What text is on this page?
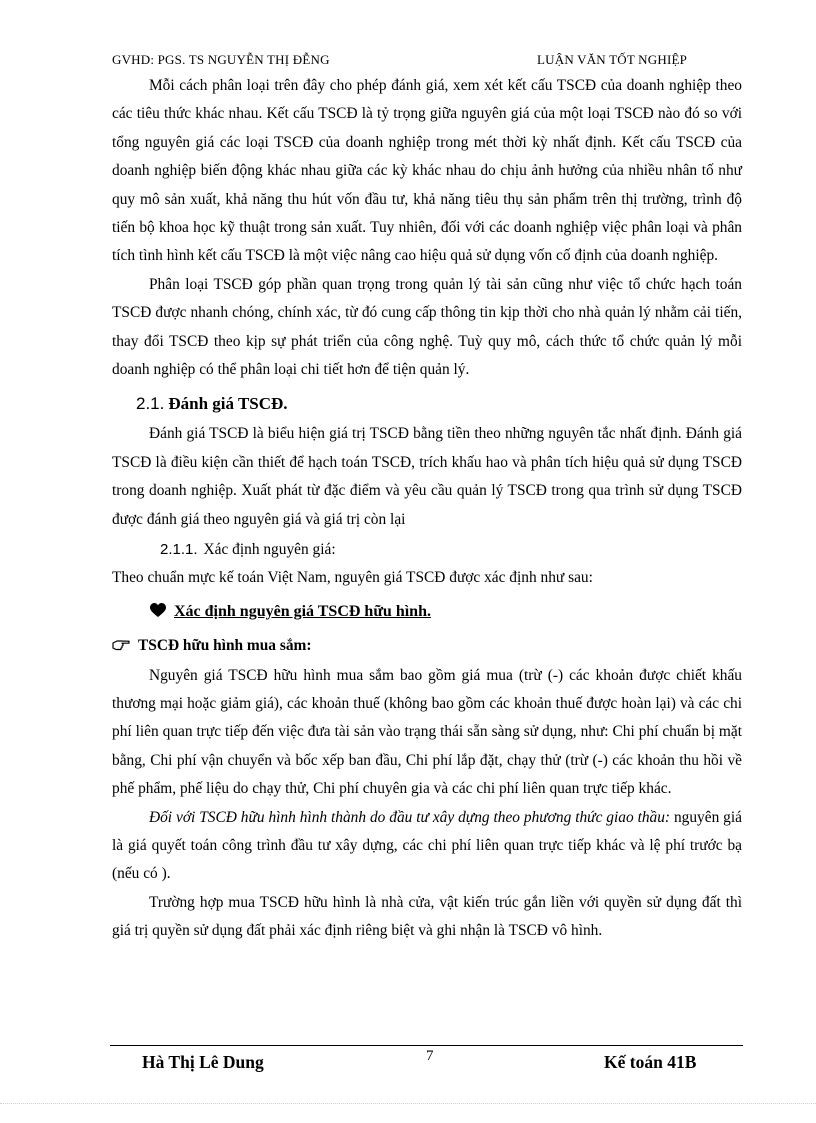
GVHD: PGS. TS NGUYỄN THỊ ĐỄNG	LUẬN VĂN TỐT NGHIỆP

Mỗi cách phân loại trên đây cho phép đánh giá, xem xét kết cấu TSCĐ của doanh nghiệp theo các tiêu thức khác nhau. Kết cấu TSCĐ là tỷ trọng giữa nguyên giá của một loại TSCĐ nào đó so với tổng nguyên giá các loại TSCĐ của doanh nghiệp trong mét thời kỳ nhất định. Kết cấu TSCĐ của doanh nghiệp biến động khác nhau giữa các kỳ khác nhau do chịu ảnh hưởng của nhiều nhân tố như quy mô sản xuất, khả năng thu hút vốn đầu tư, khả năng tiêu thụ sản phẩm trên thị trường, trình độ tiến bộ khoa học kỹ thuật trong sản xuất. Tuy nhiên, đối với các doanh nghiệp việc phân loại và phân tích tình hình kết cấu TSCĐ là một việc nâng cao hiệu quả sử dụng vốn cố định của doanh nghiệp.

Phân loại TSCĐ góp phần quan trọng trong quản lý tài sản cũng như việc tổ chức hạch toán TSCĐ được nhanh chóng, chính xác, từ đó cung cấp thông tin kịp thời cho nhà quản lý nhằm cải tiến, thay đổi TSCĐ theo kịp sự phát triển của công nghệ. Tuỳ quy mô, cách thức tổ chức quản lý mỗi doanh nghiệp có thể phân loại chi tiết hơn để tiện quản lý.

2.1. Đánh giá TSCĐ.

Đánh giá TSCĐ là biểu hiện giá trị TSCĐ bằng tiền theo những nguyên tắc nhất định. Đánh giá TSCĐ là điều kiện cần thiết để hạch toán TSCĐ, trích khấu hao và phân tích hiệu quả sử dụng TSCĐ trong doanh nghiệp. Xuất phát từ đặc điểm và yêu cầu quản lý TSCĐ trong qua trình sử dụng TSCĐ được đánh giá theo nguyên giá và giá trị còn lại

2.1.1. Xác định nguyên giá:

Theo chuẩn mực kế toán Việt Nam, nguyên giá TSCĐ được xác định như sau:

Xác định nguyên giá TSCĐ hữu hình.
TSCĐ hữu hình mua sắm:

Nguyên giá TSCĐ hữu hình mua sắm bao gồm giá mua (trừ (-) các khoản được chiết khấu thương mại hoặc giảm giá), các khoản thuế (không bao gồm các khoản thuế được hoàn lại) và các chi phí liên quan trực tiếp đến việc đưa tài sản vào trạng thái sẵn sàng sử dụng, như: Chi phí chuẩn bị mặt bằng, Chi phí vận chuyển và bốc xếp ban đầu, Chi phí lắp đặt, chạy thử (trừ (-) các khoản thu hồi về phế phẩm, phế liệu do chạy thử, Chi phí chuyên gia và các chi phí liên quan trực tiếp khác.

Đối với TSCĐ hữu hình hình thành do đầu tư xây dựng theo phương thức giao thầu: nguyên giá là giá quyết toán công trình đầu tư xây dựng, các chi phí liên quan trực tiếp khác và lệ phí trước bạ (nếu có ).

Trường hợp mua TSCĐ hữu hình là nhà cửa, vật kiến trúc gắn liền với quyền sử dụng đất thì giá trị quyền sử dụng đất phải xác định riêng biệt và ghi nhận là TSCĐ vô hình.

Hà Thị Lê Dung	7	Kế toán 41B
